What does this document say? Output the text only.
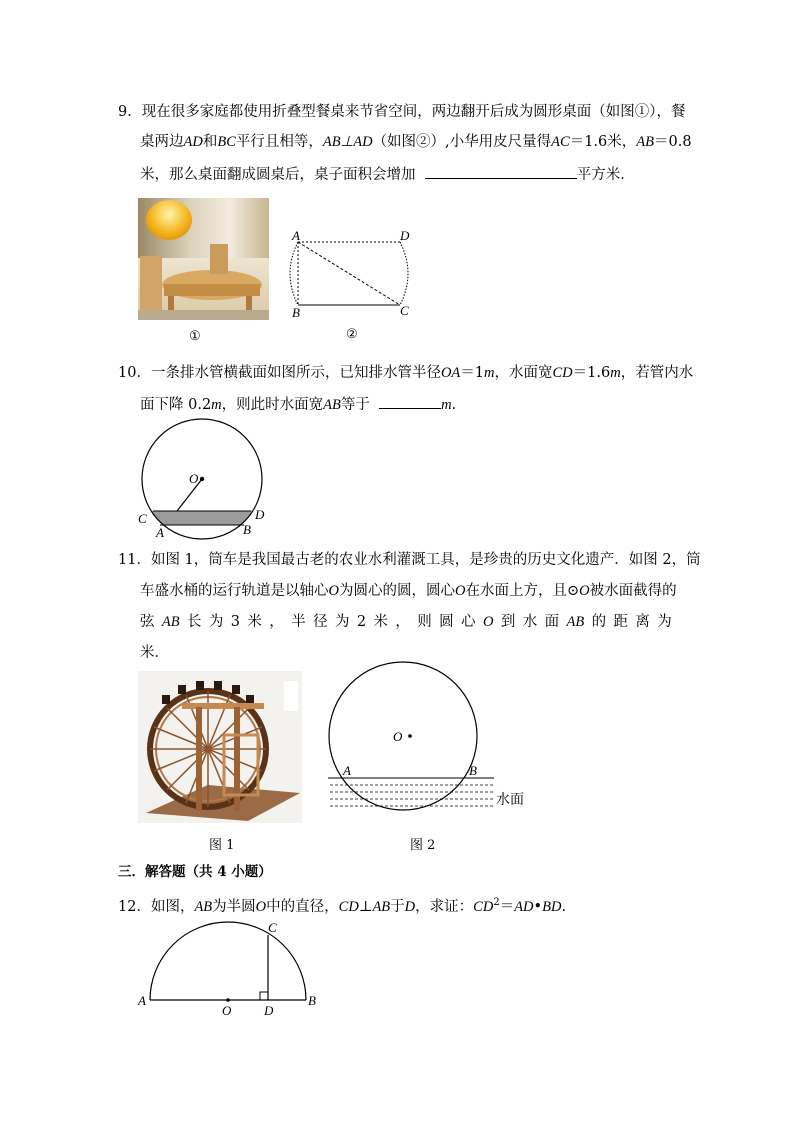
9．现在很多家庭都使用折叠型餐桌来节省空间，两边翻开后成为圆形桌面（如图①），餐
桌两边AD和BC平行且相等，AB⊥AD（如图②）,小华用皮尺量得AC＝1.6米，AB＝0.8
米，那么桌面翻成圆桌后，桌子面积会增加	平方米．
①
A	D
B	C
②
10．一条排水管横截面如图所示，已知排水管半径OA＝1m，水面宽CD＝1.6m，若管内水
面下降 0.2m，则此时水面宽AB等于	m．
O
C	D
A	B
11．如图 1，筒车是我国最古老的农业水利灌溉工具，是珍贵的历史文化遗产．如图 2，筒
车盛水桶的运行轨道是以轴心O为圆心的圆，圆心O在水面上方，且⊙O被水面截得的
弦 AB 长 为 3 米 ， 半 径 为 2 米 ， 则 圆 心 O 到 水 面 AB 的 距 离 为
米．
图 1
O
A	B
水面
图 2
三．解答题（共 4 小题）
12．如图，AB为半圆O中的直径，CD⊥AB于D，求证：$CD^2=AD•BD$.
A
O	D
B
C
